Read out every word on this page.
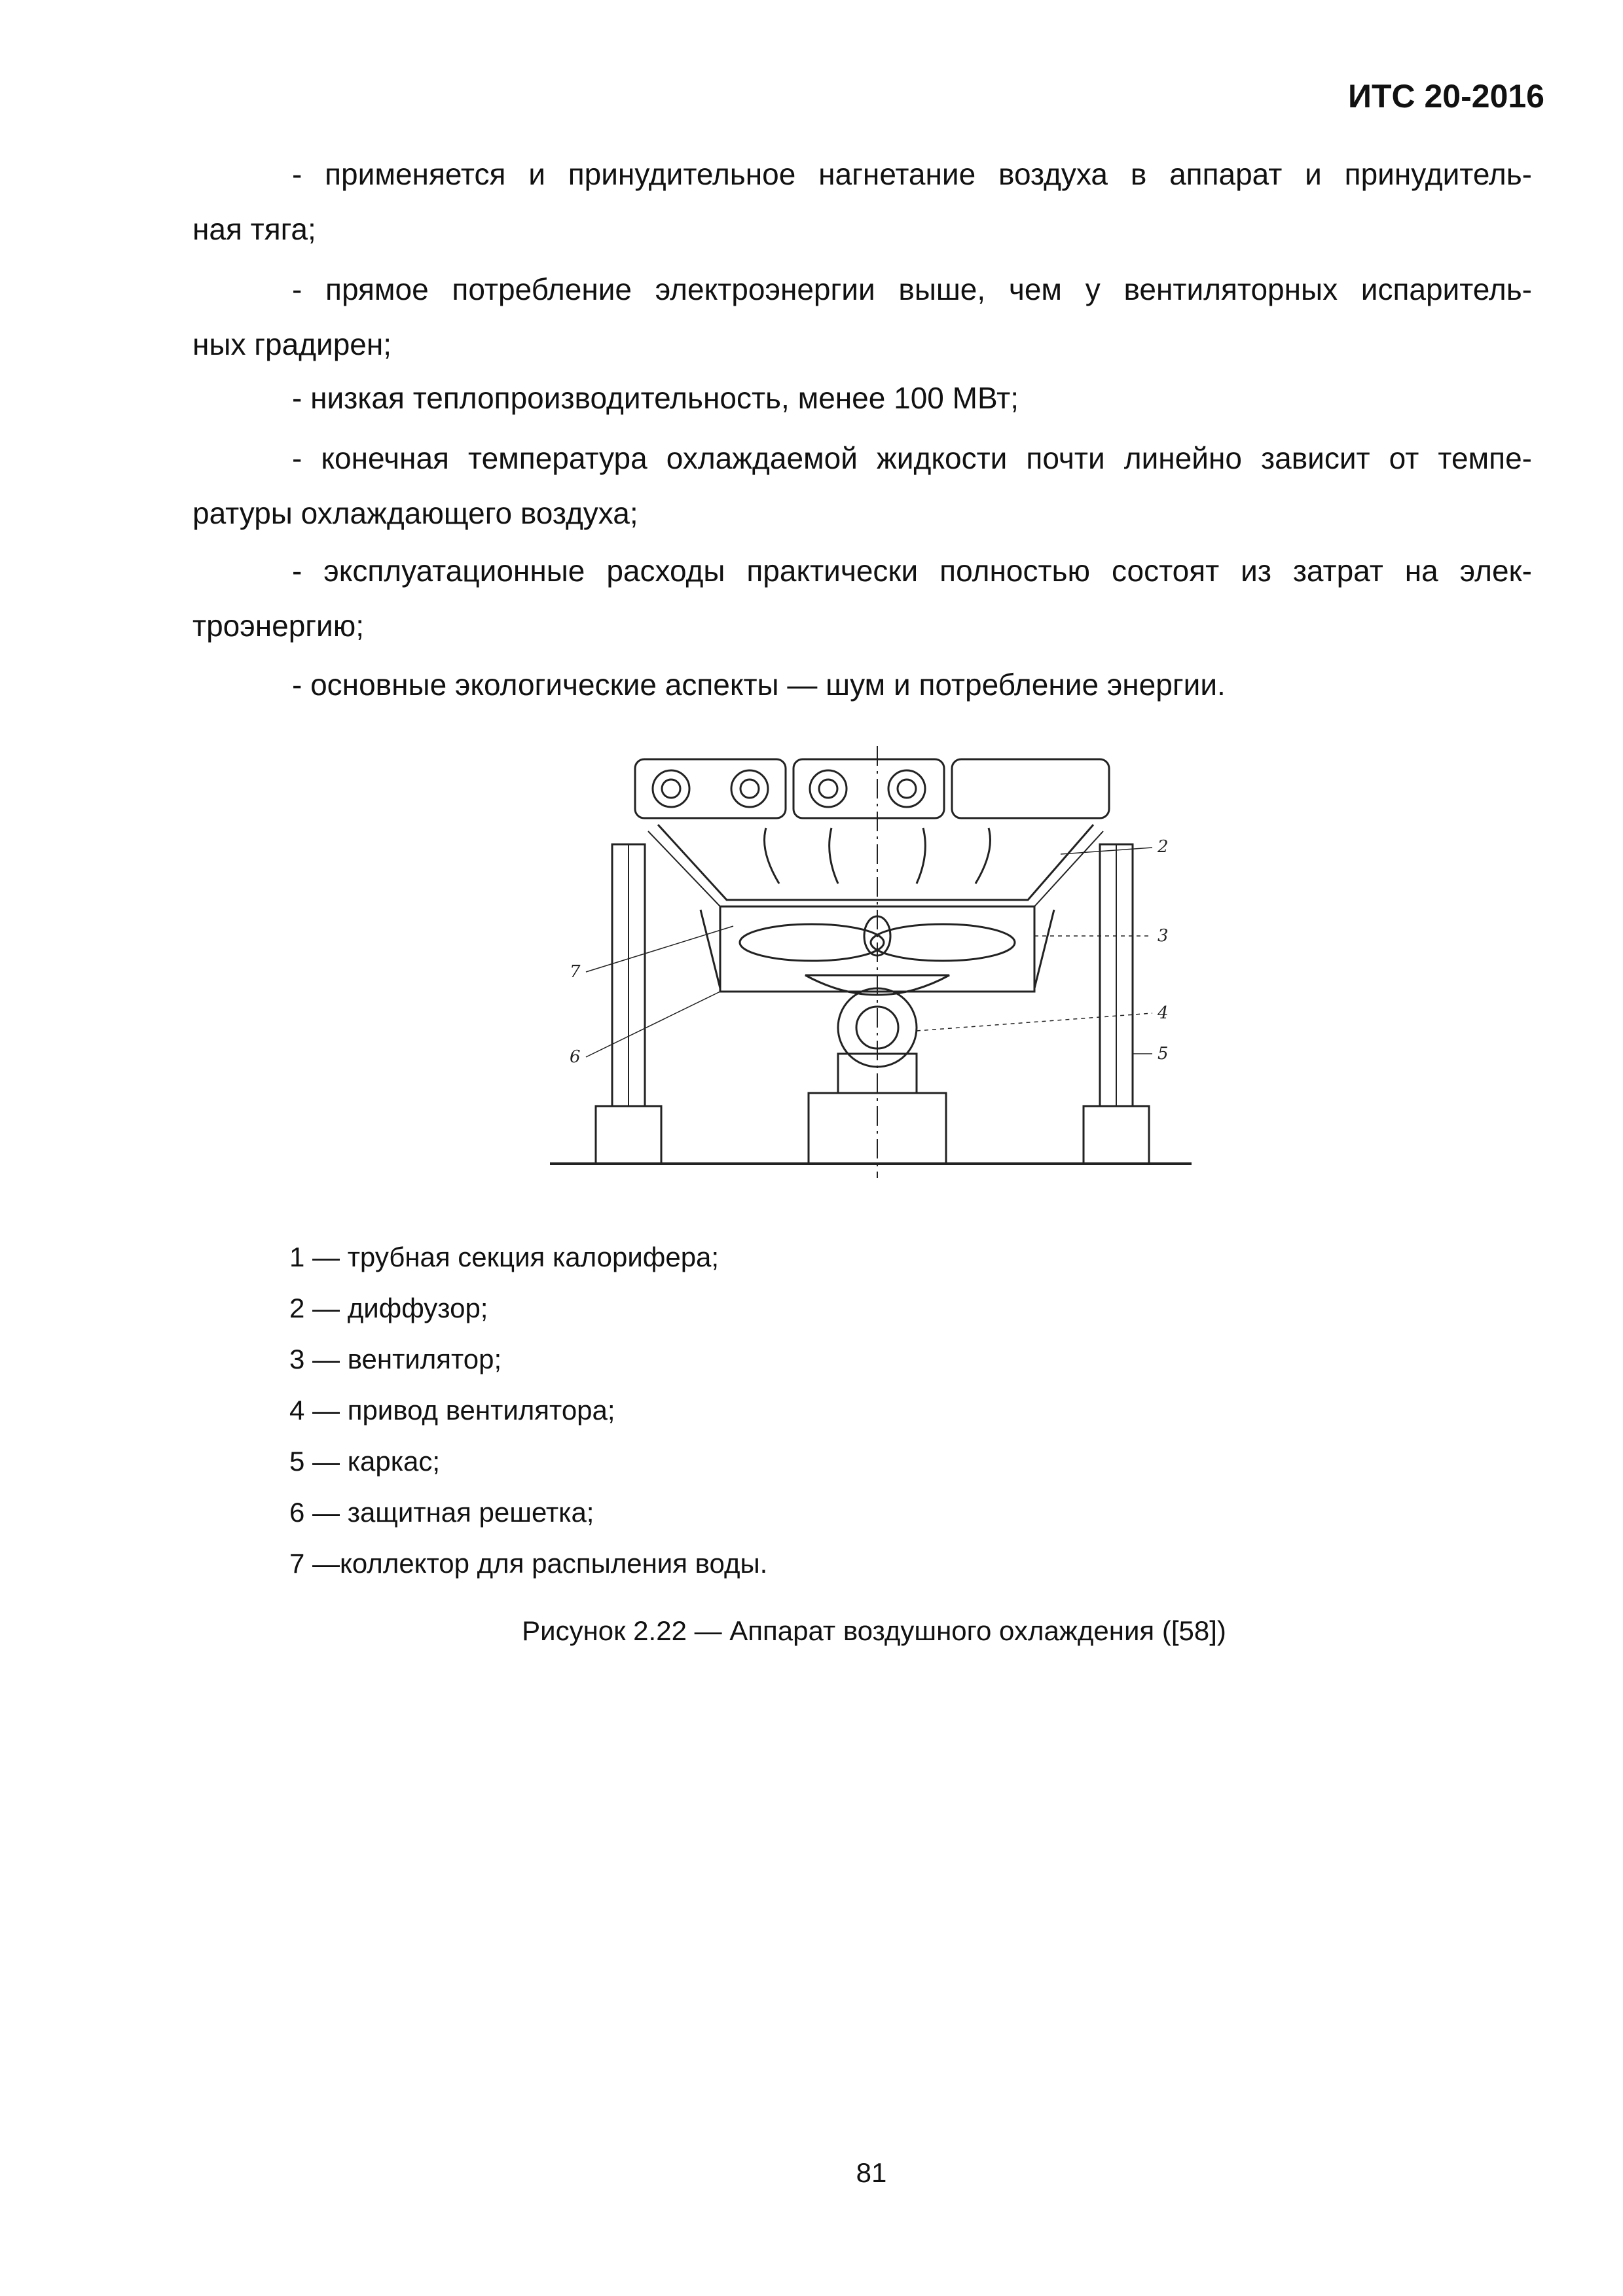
ИТС 20-2016
- применяется и принудительное нагнетание воздуха в аппарат и принудитель-
ная тяга;
- прямое потребление электроэнергии выше, чем у вентиляторных испаритель-
ных градирен;
- низкая теплопроизводительность, менее 100 МВт;
- конечная температура охлаждаемой жидкости почти линейно зависит от темпе-
ратуры охлаждающего воздуха;
- эксплуатационные расходы практически полностью состоят из затрат на элек-
троэнергию;
- основные экологические аспекты — шум и потребление энергии.
2
3
4
5
6
7
1 — трубная секция калорифера;
2 — диффузор;
3 — вентилятор;
4 — привод вентилятора;
5 — каркас;
6 — защитная решетка;
7 —коллектор для распыления воды.
Рисунок 2.22 — Аппарат воздушного охлаждения ([58])
81
